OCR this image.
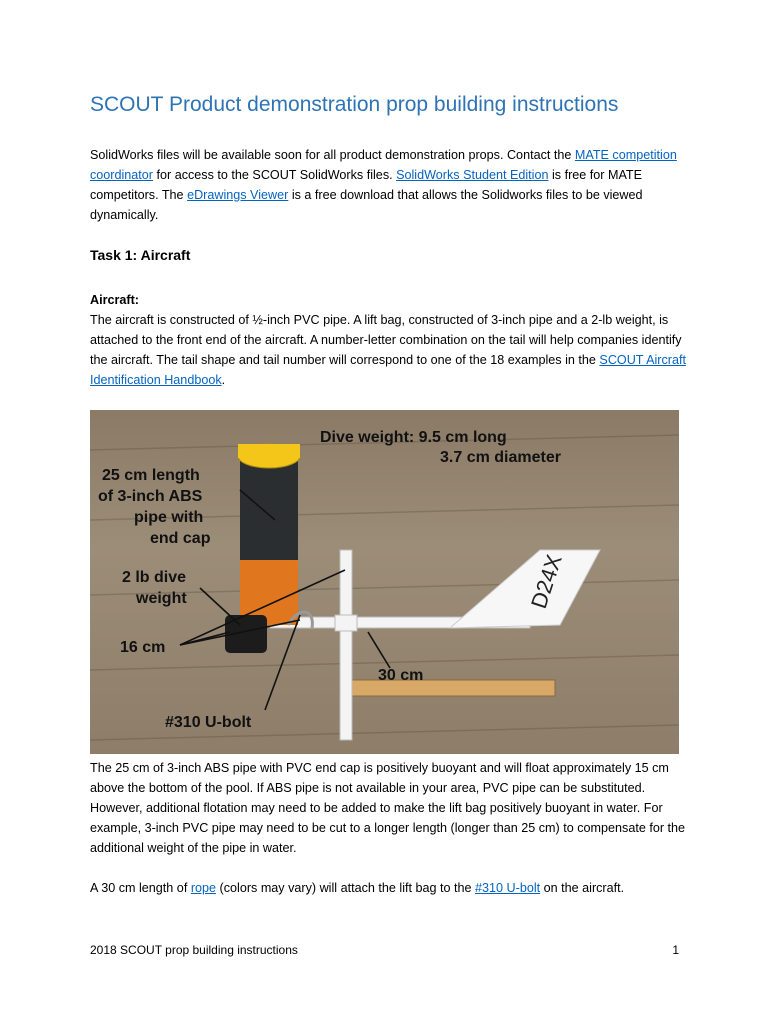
SCOUT Product demonstration prop building instructions

SolidWorks files will be available soon for all product demonstration props. Contact the MATE competition coordinator for access to the SCOUT SolidWorks files. SolidWorks Student Edition is free for MATE competitors. The eDrawings Viewer is a free download that allows the Solidworks files to be viewed dynamically.

Task 1: Aircraft

Aircraft:

The aircraft is constructed of ½-inch PVC pipe. A lift bag, constructed of 3-inch pipe and a 2-lb weight, is attached to the front end of the aircraft. A number-letter combination on the tail will help companies identify the aircraft. The tail shape and tail number will correspond to one of the 18 examples in the SCOUT Aircraft Identification Handbook.

D24X
Dive weight: 9.5 cm long
3.7 cm diameter
25 cm length
of 3-inch ABS
pipe with
end cap
2 lb dive
weight
16 cm
30 cm
#310 U-bolt

The 25 cm of 3-inch ABS pipe with PVC end cap is positively buoyant and will float approximately 15 cm above the bottom of the pool. If ABS pipe is not available in your area, PVC pipe can be substituted. However, additional flotation may need to be added to make the lift bag positively buoyant in water. For example, 3-inch PVC pipe may need to be cut to a longer length (longer than 25 cm) to compensate for the additional weight of the pipe in water.

A 30 cm length of rope (colors may vary) will attach the lift bag to the #310 U-bolt on the aircraft.

2018 SCOUT prop building instructions	1
